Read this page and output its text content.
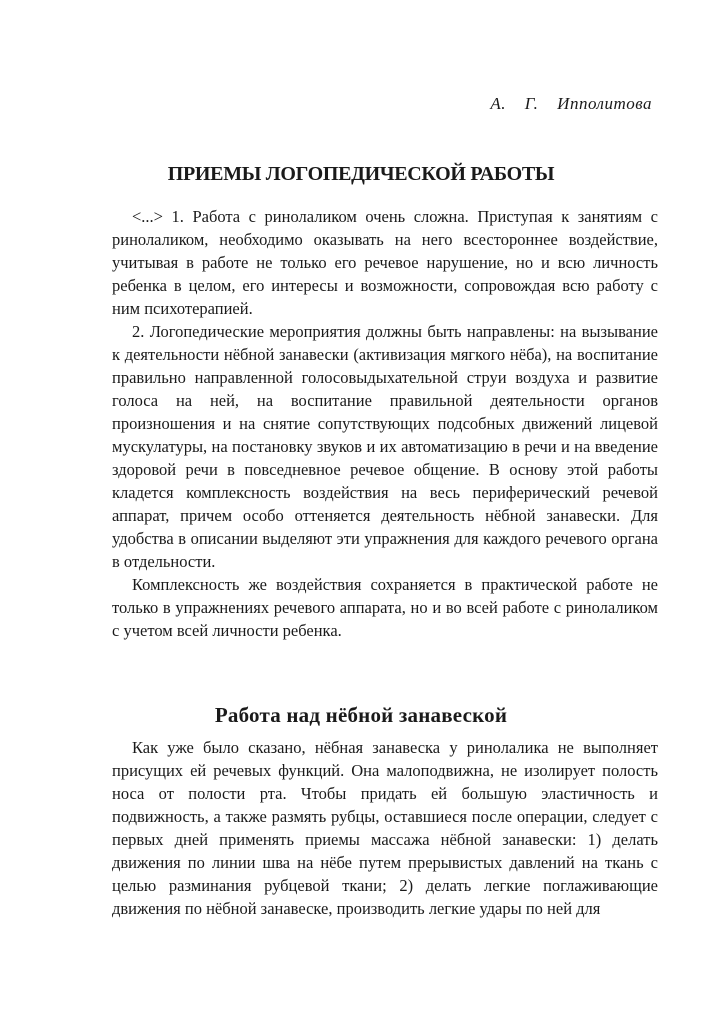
А. Г. Ипполитова
ПРИЕМЫ ЛОГОПЕДИЧЕСКОЙ РАБОТЫ

<...> 1. Работа с ринолаликом очень сложна. Приступая к занятиям с ринолаликом, необходимо оказывать на него всестороннее воздействие, учитывая в работе не только его речевое нарушение, но и всю личность ребенка в целом, его интересы и возможности, сопровождая всю работу с ним психотерапией.

2. Логопедические мероприятия должны быть направлены: на вызывание к деятельности нёбной занавески (активизация мягкого нёба), на воспитание правильно направленной голосовыдыхательной струи воздуха и развитие голоса на ней, на воспитание правильной деятельности органов произношения и на снятие сопутствующих подсобных движений лицевой мускулатуры, на постановку звуков и их автоматизацию в речи и на введение здоровой речи в повседневное речевое общение. В основу этой работы кладется комплексность воздействия на весь периферический речевой аппарат, причем особо оттеняется деятельность нёбной занавески. Для удобства в описании выделяют эти упражнения для каждого речевого органа в отдельности.

Комплексность же воздействия сохраняется в практической работе не только в упражнениях речевого аппарата, но и во всей работе с ринолаликом с учетом всей личности ребенка.

Работа над нёбной занавеской

Как уже было сказано, нёбная занавеска у ринолалика не выполняет присущих ей речевых функций. Она малоподвижна, не изолирует полость носа от полости рта. Чтобы придать ей большую эластичность и подвижность, а также размять рубцы, оставшиеся после операции, следует с первых дней применять приемы массажа нёбной занавески: 1) делать движения по линии шва на нёбе путем прерывистых давлений на ткань с целью разминания рубцевой ткани; 2) делать легкие поглаживающие движения по нёбной занавеске, производить легкие удары по ней для
